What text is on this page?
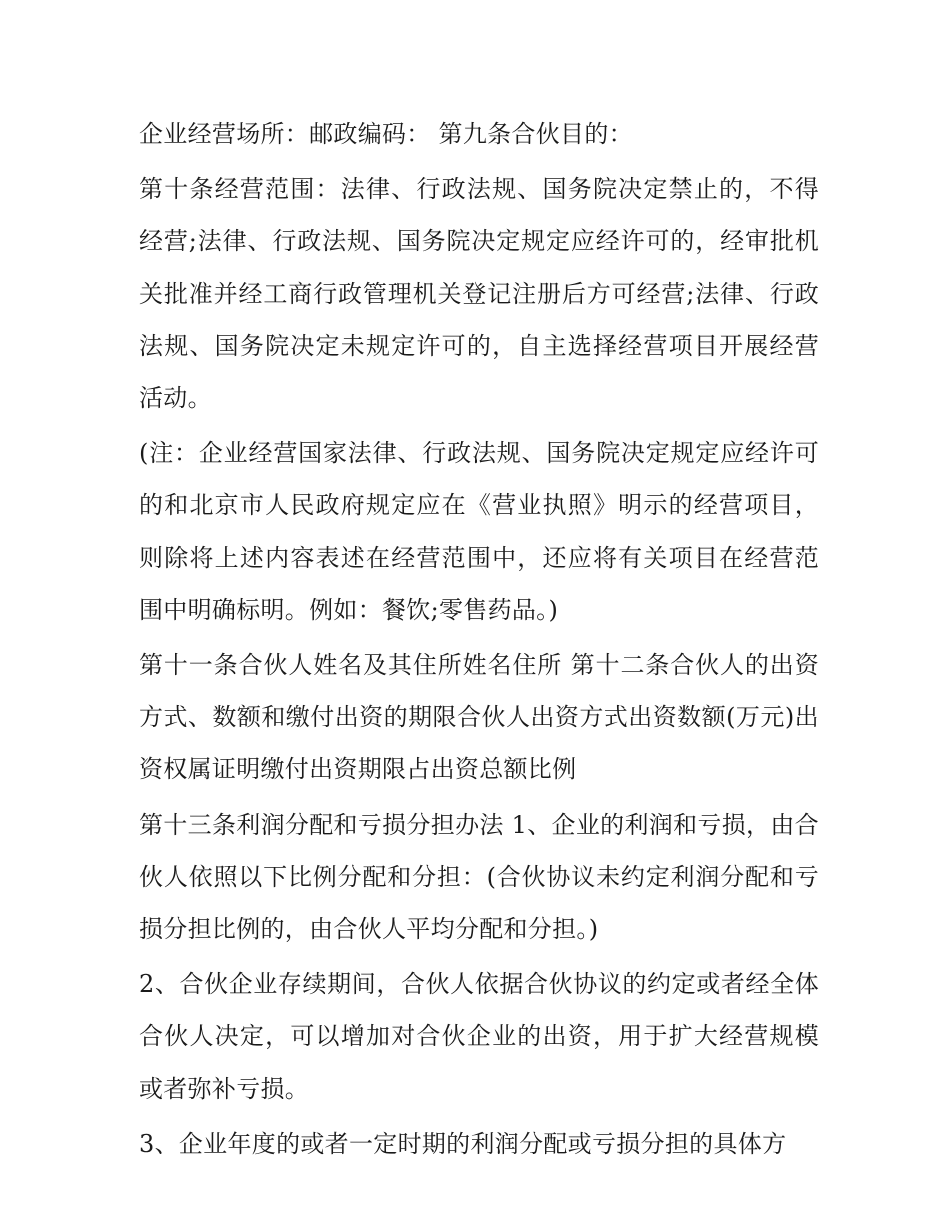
企业经营场所：邮政编码： 第九条合伙目的：

第十条经营范围：法律、行政法规、国务院决定禁止的，不得经营;法律、行政法规、国务院决定规定应经许可的，经审批机关批准并经工商行政管理机关登记注册后方可经营;法律、行政法规、国务院决定未规定许可的，自主选择经营项目开展经营活动。

(注：企业经营国家法律、行政法规、国务院决定规定应经许可的和北京市人民政府规定应在《营业执照》明示的经营项目，则除将上述内容表述在经营范围中，还应将有关项目在经营范围中明确标明。例如：餐饮;零售药品。)

第十一条合伙人姓名及其住所姓名住所 第十二条合伙人的出资方式、数额和缴付出资的期限合伙人出资方式出资数额(万元)出资权属证明缴付出资期限占出资总额比例

第十三条利润分配和亏损分担办法 1、企业的利润和亏损，由合伙人依照以下比例分配和分担：(合伙协议未约定利润分配和亏损分担比例的，由合伙人平均分配和分担。)

2、合伙企业存续期间，合伙人依据合伙协议的约定或者经全体合伙人决定，可以增加对合伙企业的出资，用于扩大经营规模或者弥补亏损。

3、企业年度的或者一定时期的利润分配或亏损分担的具体方
